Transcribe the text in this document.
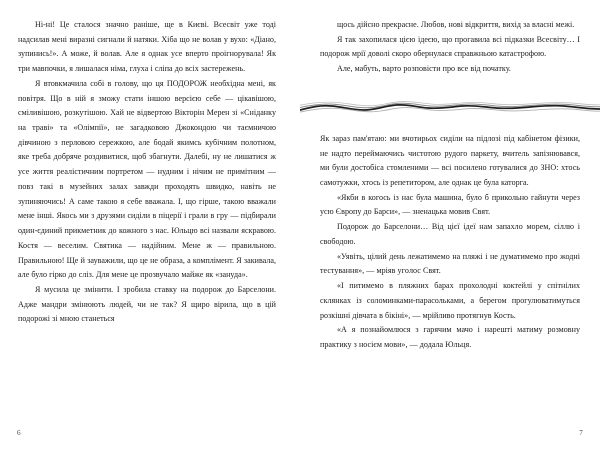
Ні-ні! Це сталося значно раніше, ще в Києві. Всесвіт уже тоді надсилав мені виразні сигнали й натяки. Хіба що не волав у вухо: «Діано, зупинись!». А може, й волав. Але я однак усе вперто проігнорувала! Як три мавпочки, я лишалася німа, глуха і сліпа до всіх застережень.

Я втовкмачила собі в голову, що ця ПОДОРОЖ необхідна мені, як повітря. Що в ній я зможу стати іншою версією себе — цікавішою, сміливішою, розкутішою. Хай не відвертою Вікторін Мерен зі «Сніданку на траві» та «Олімпії», не загадковою Джокондою чи таємничою дівчиною з перловою сережкою, але бодай якимсь кубічним полотном, яке треба добряче роздивитися, щоб збагнути. Далебі, ну не лишатися ж усе життя реалістичним портретом — нудним і нічим не примітним — повз такі в музейних залах завжди проходять швидко, навіть не зупиняючись! А саме такою я себе вважала. І, що гірше, такою вважали мене інші. Якось ми з друзями сиділи в піцерії і грали в гру — підбирали один-єдиний прикметник до кожного з нас. Юльцю всі назвали яскравою. Костя — веселим. Святика — надійним. Мене ж — правильною. Правильною! Ще й зауважили, що це не образа, а комплімент. Я закивала, але було гірко до сліз. Для мене це прозвучало майже як «зануда».

Я мусила це змінити. І зробила ставку на подорож до Барселони. Адже мандри змінюють людей, чи не так? Я щиро вірила, що в цій подорожі зі мною станеться

6

щось дійсно прекрасне. Любов, нові відкриття, вихід за власні межі.

Я так захопилася цією ідеєю, що прогавила всі підказки Всесвіту… І подорож мрії доволі скоро обернулася справжньою катастрофою.

Але, мабуть, варто розповісти про все від початку.

Як зараз пам'ятаю: ми вчотирьох сиділи на підлозі під кабінетом фізики, не надто переймаючись чистотою рудого паркету, вчитель запізнювався, ми були достобіса стомленими — всі посилено готувалися до ЗНО: хтось самотужки, хтось із репетитором, але однак це була каторга.

«Якби в когось із нас була машина, було б прикольно гайнути через усю Європу до Барси», — зненацька мовив Свят.

Подорож до Барселони… Від цієї ідеї нам запахло морем, сіллю і свободою.

«Уявіть, цілий день лежатимемо на пляжі і не думатимемо про жодні тестування», — мріяв угoлос Свят.

«І питимемо в пляжних барах прохолодні коктейлі у спітнілих склянках із соломинками-парасольками, а берегом прогулюватимуться розкішні дівчата в бікіні», — мрійливо протягнув Кость.

«А я познайомлюся з гарячим мачо і нарешті матиму розмовну практику з носієм мови», — додала Юльця.

7
